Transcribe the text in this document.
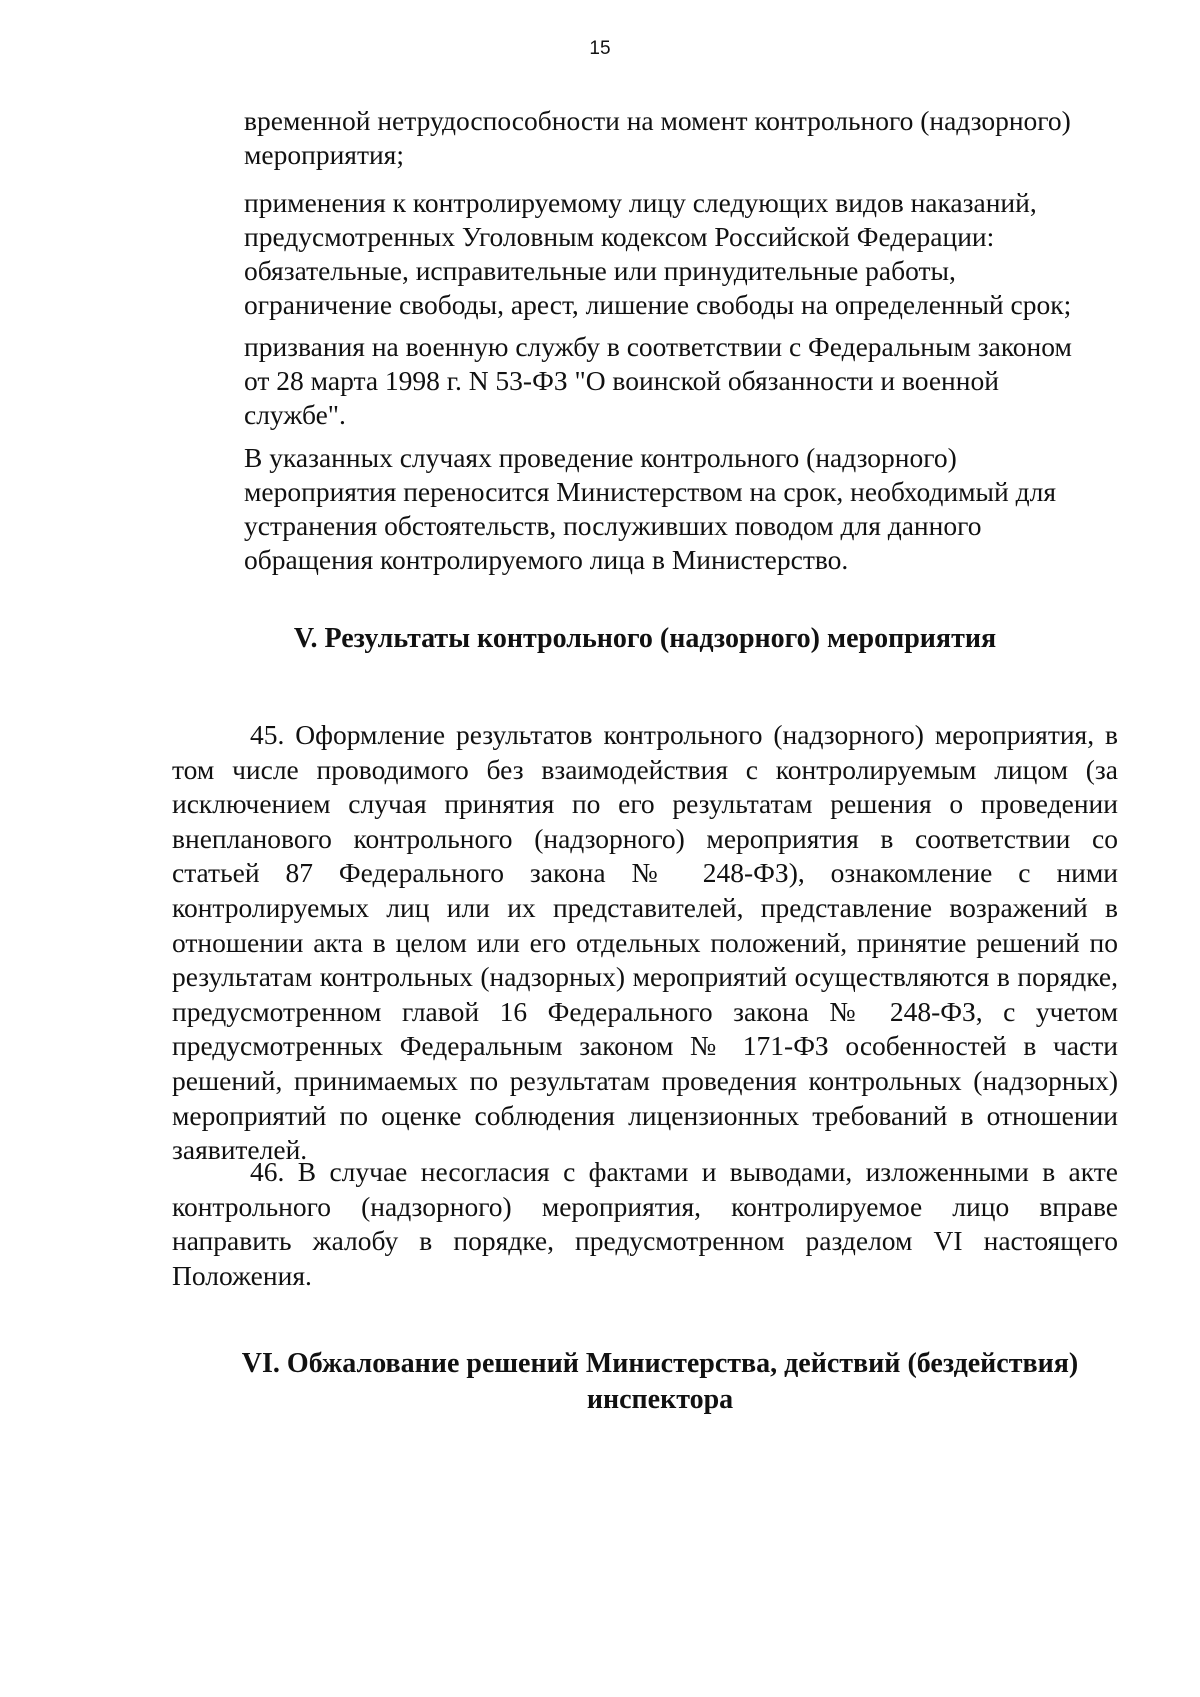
15

временной нетрудоспособности на момент контрольного (надзорного) мероприятия;

применения к контролируемому лицу следующих видов наказаний, предусмотренных Уголовным кодексом Российской Федерации: обязательные, исправительные или принудительные работы, ограничение свободы, арест, лишение свободы на определенный срок;

призвания на военную службу в соответствии с Федеральным законом от 28 марта 1998 г. N 53-ФЗ "О воинской обязанности и военной службе".

В указанных случаях проведение контрольного (надзорного) мероприятия переносится Министерством на срок, необходимый для устранения обстоятельств, послуживших поводом для данного обращения контролируемого лица в Министерство.

V. Результаты контрольного (надзорного) мероприятия

45. Оформление результатов контрольного (надзорного) мероприятия, в том числе проводимого без взаимодействия с контролируемым лицом (за исключением случая принятия по его результатам решения о проведении внепланового контрольного (надзорного) мероприятия в соответствии со статьей 87 Федерального закона № 248-ФЗ), ознакомление с ними контролируемых лиц или их представителей, представление возражений в отношении акта в целом или его отдельных положений, принятие решений по результатам контрольных (надзорных) мероприятий осуществляются в порядке, предусмотренном главой 16 Федерального закона № 248-ФЗ, с учетом предусмотренных Федеральным законом № 171-ФЗ особенностей в части решений, принимаемых по результатам проведения контрольных (надзорных) мероприятий по оценке соблюдения лицензионных требований в отношении заявителей.

46. В случае несогласия с фактами и выводами, изложенными в акте контрольного (надзорного) мероприятия, контролируемое лицо вправе направить жалобу в порядке, предусмотренном разделом VI настоящего Положения.

VI. Обжалование решений Министерства, действий (бездействия)
инспектора
